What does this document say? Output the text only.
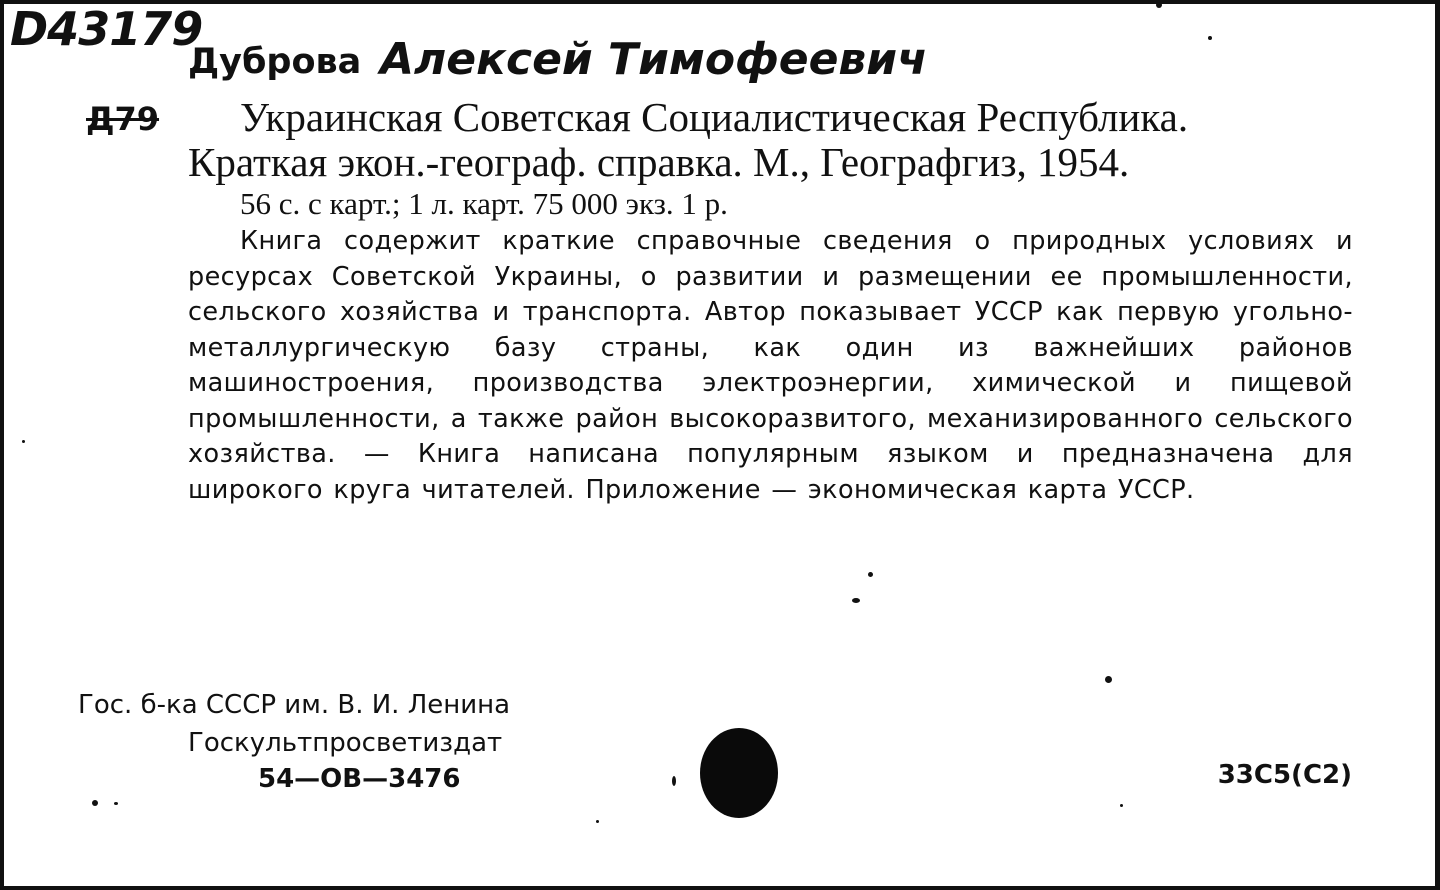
D43179
Дуброва Алексей Тимофеевич
Д79 Украинская Советская Социалистическая Республика.
Краткая экон.-географ. справка. М., Географгиз, 1954.
56 с. с карт.; 1 л. карт. 75 000 экз. 1 р.
Книга содержит краткие справочные сведения о природных условиях и ресурсах Советской Украины, о развитии и размещении ее промышленности, сельского хозяйства и транспорта. Автор показывает УССР как первую угольно-металлургическую базу страны, как один из важнейших районов машиностроения, производства электроэнергии, химической и пищевой промышленности, а также район высокоразвитого, механизированного сельского хозяйства. — Книга написана популярным языком и предназначена для широкого круга читателей. Приложение — экономическая карта УССР.
Гос. б-ка СССР им. В. И. Ленина
Госкультпросветиздат
54—ОВ—3476	33С5(С2)
